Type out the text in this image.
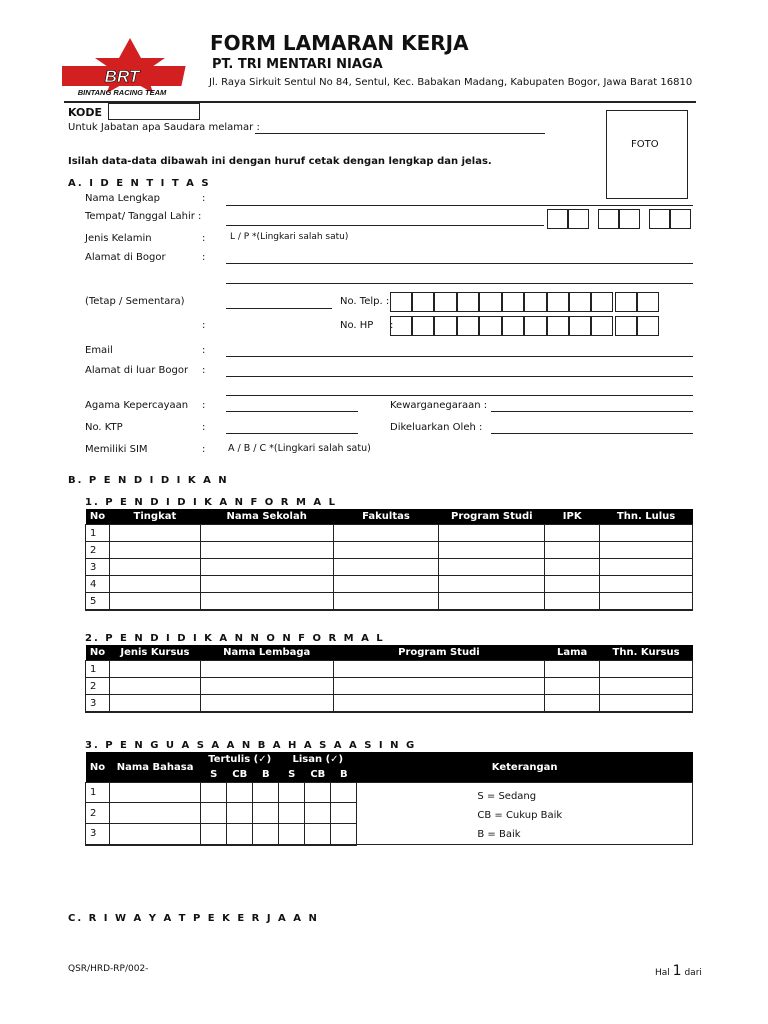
BRT
BINTANG RACING TEAM
FORM LAMARAN KERJA
PT. TRI MENTARI NIAGA
Jl. Raya Sirkuit Sentul No 84, Sentul, Kec. Babakan Madang, Kabupaten Bogor, Jawa Barat 16810
KODE
Untuk Jabatan apa Saudara melamar :
FOTO
Isilah data-data dibawah ini dengan huruf cetak dengan lengkap dan jelas.
A. I D E N T I T A S
Nama Lengkap	:
Tempat/ Tanggal Lahir :
Jenis Kelamin	:	L / P *(Lingkari salah satu)
Alamat di Bogor	:
(Tetap / Sementara)	No. Telp. :
:	No. HP :
Email	:
Alamat di luar Bogor :
Agama Kepercayaan :	Kewarganegaraan :
No. KTP	:	Dikeluarkan Oleh :
Memiliki SIM	: A / B / C *(Lingkari salah satu)
B. P E N D I D I K A N
1. P E N D I D I K A N F O R M A L
No	Tingkat	Nama Sekolah	Fakultas	Program Studi	IPK	Thn. Lulus
1						
2						
3						
4						
5						
2. P E N D I D I K A N N O N F O R M A L
No	Jenis Kursus	Nama Lembaga	Program Studi	Lama	Thn. Kursus
1					
2					
3					
3. P E N G U A S A A N B A H A S A A S I N G
No	Nama Bahasa	Tertulis (✓)			Lisan (✓)			Keterangan
		S	CB	B	S	CB	B	
1								S = Sedang
CB = Cukup Baik
B = Baik

2								
3								
C. R I W A Y A T P E K E R J A A N
QSR/HRD-RP/002-	Hal 1 dari
